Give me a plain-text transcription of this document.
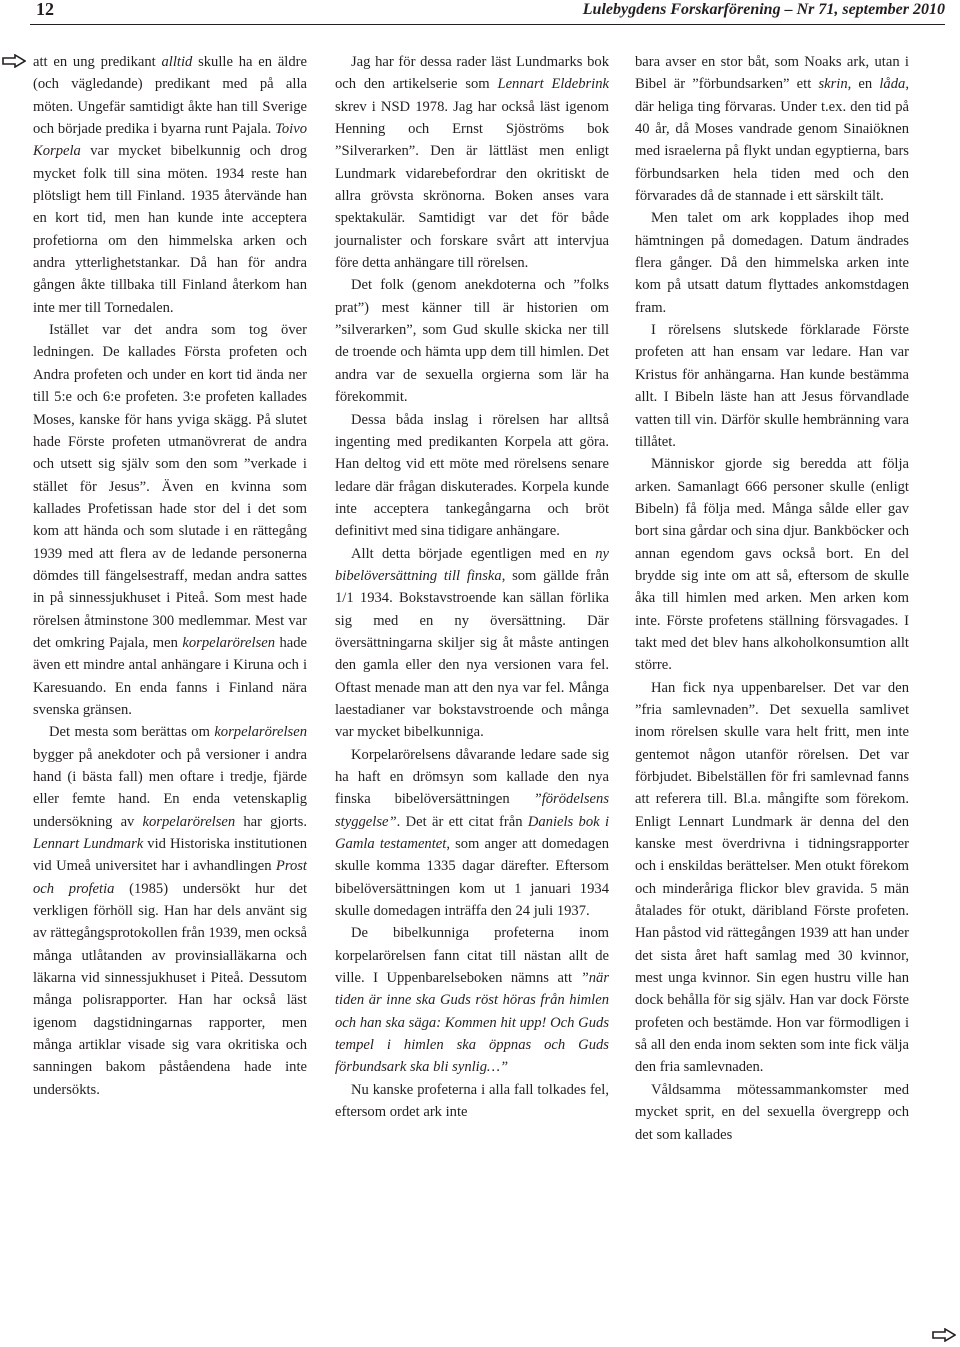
12	Lulebygdens Forskarförening – Nr 71, september 2010

att en ung predikant alltid skulle ha en äldre (och vägledande) predikant med på alla möten. Ungefär samtidigt åkte han till Sverige och började predika i byarna runt Pajala. Toivo Korpela var mycket bibelkunnig och drog mycket folk till sina möten. 1934 reste han plötsligt hem till Finland. 1935 återvände han en kort tid, men han kunde inte acceptera profetiorna om den himmelska arken och andra ytterlighetstankar. Då han för andra gången åkte tillbaka till Finland återkom han inte mer till Tornedalen.

Istället var det andra som tog över ledningen. De kallades Första profeten och Andra profeten och under en kort tid ända ner till 5:e och 6:e profeten. 3:e profeten kallades Moses, kanske för hans yviga skägg. På slutet hade Förste profeten utmanövrerat de andra och utsett sig själv som den som ”verkade i stället för Jesus”. Även en kvinna som kallades Profetissan hade stor del i det som kom att hända och som slutade i en rättegång 1939 med att flera av de ledande personerna dömdes till fängelsestraff, medan andra sattes in på sinnessjukhuset i Piteå. Som mest hade rörelsen åtminstone 300 medlemmar. Mest var det omkring Pajala, men korpelarörelsen hade även ett mindre antal anhängare i Kiruna och i Karesuando. En enda fanns i Finland nära svenska gränsen.

Det mesta som berättas om korpelarörelsen bygger på anekdoter och på versioner i andra hand (i bästa fall) men oftare i tredje, fjärde eller femte hand. En enda vetenskaplig undersökning av korpelarörelsen har gjorts. Lennart Lundmark vid Historiska institutionen vid Umeå universitet har i avhandlingen Prost och profetia (1985) undersökt hur det verkligen förhöll sig. Han har dels använt sig av rättegångsprotokollen från 1939, men också många utlåtanden av provinsialläkarna och läkarna vid sinnessjukhuset i Piteå. Dessutom många polisrapporter. Han har också läst igenom dagstidningarnas rapporter, men många artiklar visade sig vara okritiska och sanningen bakom påståendena hade inte undersökts.

Jag har för dessa rader läst Lundmarks bok och den artikelserie som Lennart Eldebrink skrev i NSD 1978. Jag har också läst igenom Henning och Ernst Sjöströms bok ”Silverarken”. Den är lättläst men enligt Lundmark vidarebefordrar den okritiskt de allra grövsta skrönorna. Boken anses vara spektakulär. Samtidigt var det för både journalister och forskare svårt att intervjua före detta anhängare till rörelsen.

Det folk (genom anekdoterna och ”folks prat”) mest känner till är historien om ”silverarken”, som Gud skulle skicka ner till de troende och hämta upp dem till himlen. Det andra var de sexuella orgierna som lär ha förekommit.

Dessa båda inslag i rörelsen har alltså ingenting med predikanten Korpela att göra. Han deltog vid ett möte med rörelsens senare ledare där frågan diskuterades. Korpela kunde inte acceptera tankegångarna och bröt definitivt med sina tidigare anhängare.

Allt detta började egentligen med en ny bibelöversättning till finska, som gällde från 1/1 1934. Bokstavstroende kan sällan förlika sig med en ny översättning. Där översättningarna skiljer sig åt måste antingen den gamla eller den nya versionen vara fel. Oftast menade man att den nya var fel. Många laestadianer var bokstavstroende och många var mycket bibelkunniga.

Korpelarörelsens dåvarande ledare sade sig ha haft en drömsyn som kallade den nya finska bibelöversättningen ”förödelsens styggelse”. Det är ett citat från Daniels bok i Gamla testamentet, som anger att domedagen skulle komma 1335 dagar därefter. Eftersom bibelöversättningen kom ut 1 januari 1934 skulle domedagen inträffa den 24 juli 1937.

De bibelkunniga profeterna inom korpelarörelsen fann citat till nästan allt de ville. I Uppenbarelseboken nämns att ”när tiden är inne ska Guds röst höras från himlen och han ska säga: Kommen hit upp! Och Guds tempel i himlen ska öppnas och Guds förbundsark ska bli synlig…”

Nu kanske profeterna i alla fall tolkades fel, eftersom ordet ark inte

bara avser en stor båt, som Noaks ark, utan i Bibel är ”förbundsarken” ett skrin, en låda, där heliga ting förvaras. Under t.ex. den tid på 40 år, då Moses vandrade genom Sinaiöknen med israelerna på flykt undan egyptierna, bars förbundsarken hela tiden med och den förvarades då de stannade i ett särskilt tält.

Men talet om ark kopplades ihop med hämtningen på domedagen. Datum ändrades flera gånger. Då den himmelska arken inte kom på utsatt datum flyttades ankomstdagen fram.

I rörelsens slutskede förklarade Förste profeten att han ensam var ledare. Han var Kristus för anhängarna. Han kunde bestämma allt. I Bibeln läste han att Jesus förvandlade vatten till vin. Därför skulle hembränning vara tillåtet.

Människor gjorde sig beredda att följa arken. Samanlagt 666 personer skulle (enligt Bibeln) få följa med. Många sålde eller gav bort sina gårdar och sina djur. Bankböcker och annan egendom gavs också bort. En del brydde sig inte om att så, eftersom de skulle åka till himlen med arken. Men arken kom inte. Förste profetens ställning försvagades. I takt med det blev hans alkoholkonsumtion allt större.

Han fick nya uppenbarelser. Det var den ”fria samlevnaden”. Det sexuella samlivet inom rörelsen skulle vara helt fritt, men inte gentemot någon utanför rörelsen. Det var förbjudet. Bibelställen för fri samlevnad fanns att referera till. Bl.a. mångifte som förekom. Enligt Lennart Lundmark är denna del den kanske mest överdrivna i tidningsrapporter och i enskildas berättelser. Men otukt förekom och minderåriga flickor blev gravida. 5 män åtalades för otukt, däribland Förste profeten. Han påstod vid rättegången 1939 att han under det sista året haft samlag med 30 kvinnor, mest unga kvinnor. Sin egen hustru ville han dock behålla för sig själv. Han var dock Förste profeten och bestämde. Hon var förmodligen i så all den enda inom sekten som inte fick välja den fria samlevnaden.

Våldsamma mötessammankomster med mycket sprit, en del sexuella övergrepp och det som kallades
